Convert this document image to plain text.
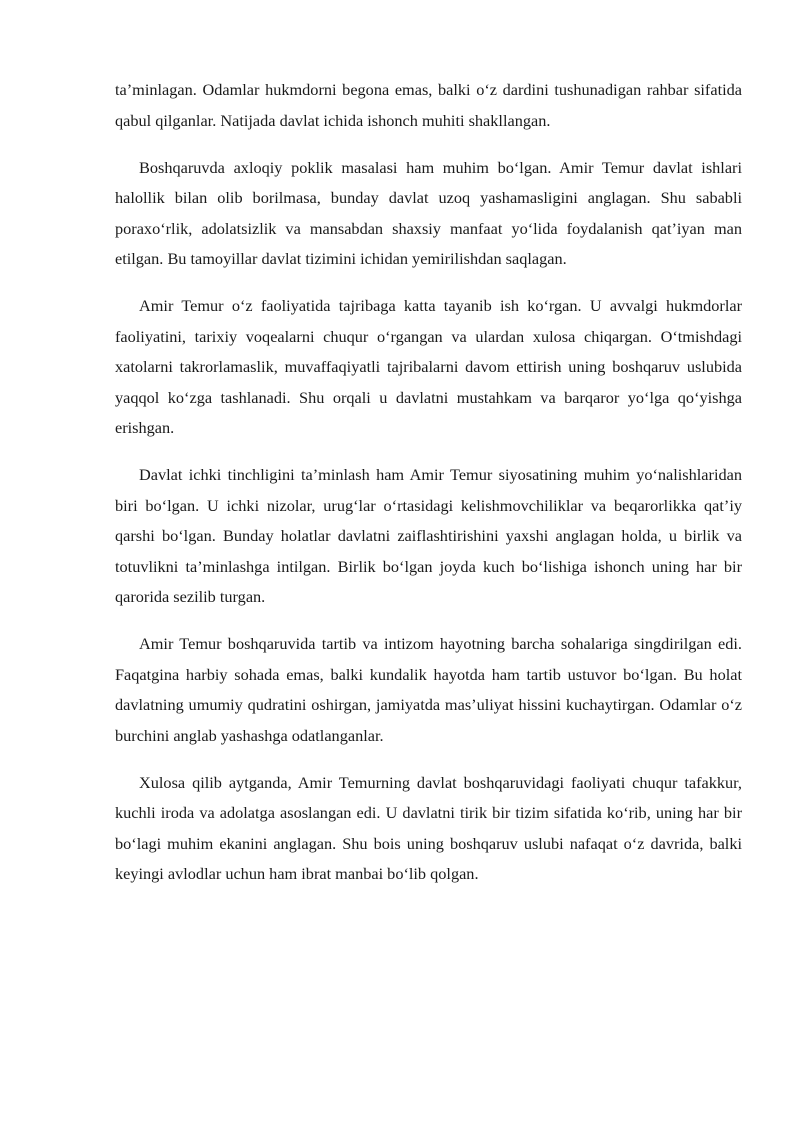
ta’minlagan. Odamlar hukmdorni begona emas, balki o‘z dardini tushunadigan rahbar sifatida qabul qilganlar. Natijada davlat ichida ishonch muhiti shakllangan.

Boshqaruvda axloqiy poklik masalasi ham muhim bo‘lgan. Amir Temur davlat ishlari halollik bilan olib borilmasa, bunday davlat uzoq yashamasligini anglagan. Shu sababli poraxo‘rlik, adolatsizlik va mansabdan shaxsiy manfaat yo‘lida foydalanish qat’iyan man etilgan. Bu tamoyillar davlat tizimini ichidan yemirilishdan saqlagan.

Amir Temur o‘z faoliyatida tajribaga katta tayanib ish ko‘rgan. U avvalgi hukmdorlar faoliyatini, tarixiy voqealarni chuqur o‘rgangan va ulardan xulosa chiqargan. O‘tmishdagi xatolarni takrorlamaslik, muvaffaqiyatli tajribalarni davom ettirish uning boshqaruv uslubida yaqqol ko‘zga tashlanadi. Shu orqali u davlatni mustahkam va barqaror yo‘lga qo‘yishga erishgan.

Davlat ichki tinchligini ta’minlash ham Amir Temur siyosatining muhim yo‘nalishlaridan biri bo‘lgan. U ichki nizolar, urug‘lar o‘rtasidagi kelishmovchiliklar va beqarorlikka qat’iy qarshi bo‘lgan. Bunday holatlar davlatni zaiflashtirishini yaxshi anglagan holda, u birlik va totuvlikni ta’minlashga intilgan. Birlik bo‘lgan joyda kuch bo‘lishiga ishonch uning har bir qarorida sezilib turgan.

Amir Temur boshqaruvida tartib va intizom hayotning barcha sohalariga singdirilgan edi. Faqatgina harbiy sohada emas, balki kundalik hayotda ham tartib ustuvor bo‘lgan. Bu holat davlatning umumiy qudratini oshirgan, jamiyatda mas’uliyat hissini kuchaytirgan. Odamlar o‘z burchini anglab yashashga odatlanganlar.

Xulosa qilib aytganda, Amir Temurning davlat boshqaruvidagi faoliyati chuqur tafakkur, kuchli iroda va adolatga asoslangan edi. U davlatni tirik bir tizim sifatida ko‘rib, uning har bir bo‘lagi muhim ekanini anglagan. Shu bois uning boshqaruv uslubi nafaqat o‘z davrida, balki keyingi avlodlar uchun ham ibrat manbai bo‘lib qolgan.
